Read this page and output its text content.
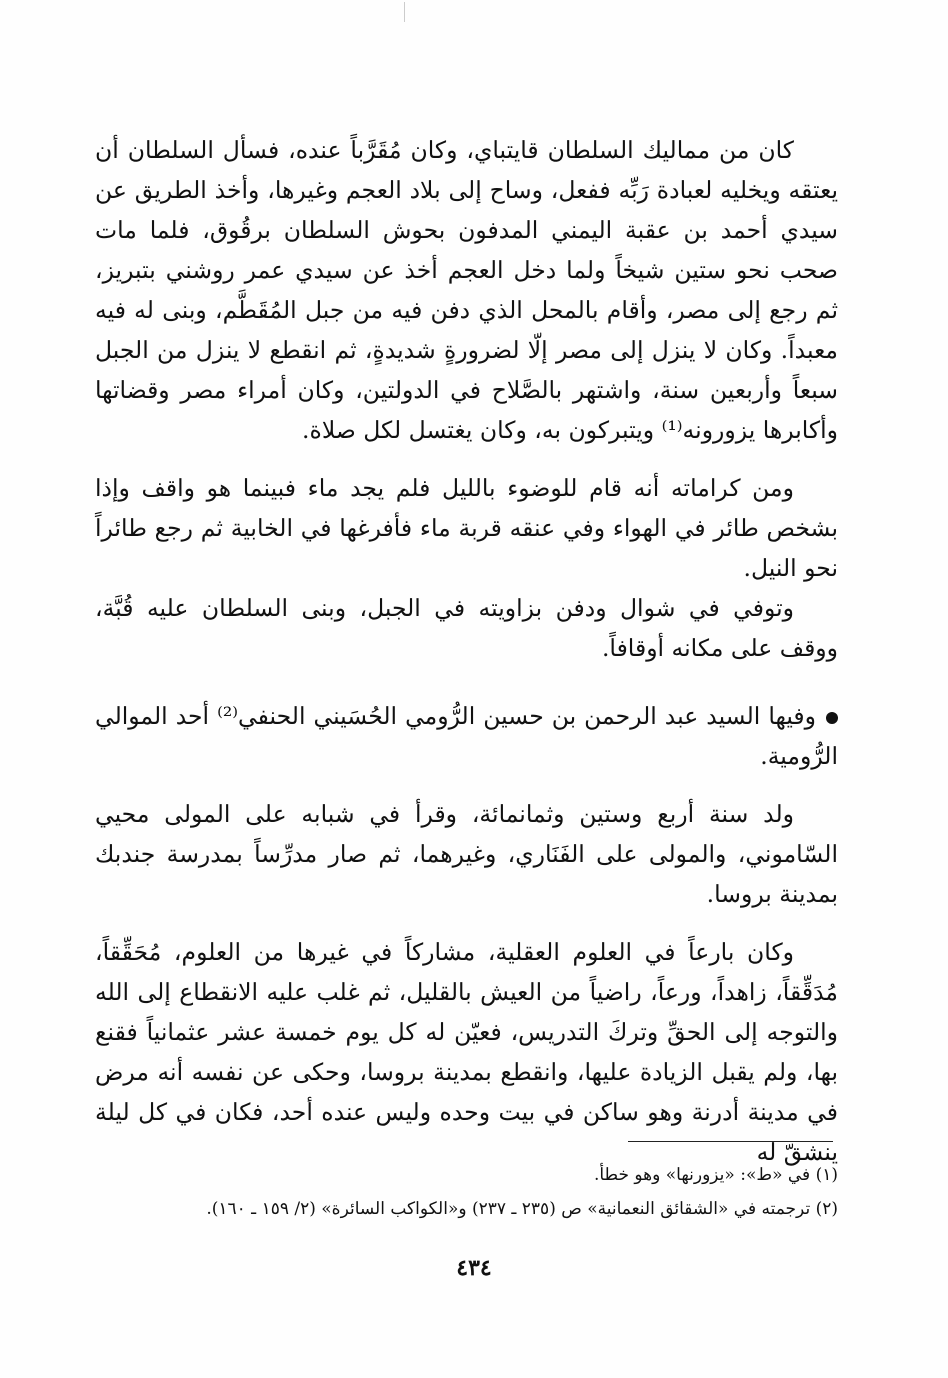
كان من مماليك السلطان قايتباي، وكان مُقَرَّباً عنده، فسأل السلطان أن يعتقه ويخليه لعبادة رَبِّه ففعل، وساح إلى بلاد العجم وغيرها، وأخذ الطريق عن سيدي أحمد بن عقبة اليمني المدفون بحوش السلطان برقُوق، فلما مات صحب نحو ستين شيخاً ولما دخل العجم أخذ عن سيدي عمر روشني بتبريز، ثم رجع إلى مصر، وأقام بالمحل الذي دفن فيه من جبل المُقَطَّم، وبنى له فيه معبداً. وكان لا ينزل إلى مصر إلّا لضرورةٍ شديدةٍ، ثم انقطع لا ينزل من الجبل سبعاً وأربعين سنة، واشتهر بالصَّلاح في الدولتين، وكان أمراء مصر وقضاتها وأكابرها يزورونه⁽¹⁾ ويتبركون به، وكان يغتسل لكل صلاة.

ومن كراماته أنه قام للوضوء بالليل فلم يجد ماء فبينما هو واقف وإذا بشخص طائر في الهواء وفي عنقه قربة ماء فأفرغها في الخابية ثم رجع طائراً نحو النيل.

وتوفي في شوال ودفن بزاويته في الجبل، وبنى السلطان عليه قُبَّة، ووقف على مكانه أوقافاً.

وفيها السيد عبد الرحمن بن حسين الرُّومي الحُسَيني الحنفي⁽²⁾ أحد الموالي الرُّومية.

ولد سنة أربع وستين وثمانمائة، وقرأ في شبابه على المولى محيي السّاموني، والمولى على الفَنَاري، وغيرهما، ثم صار مدرِّساً بمدرسة جندبك بمدينة بروسا.

وكان بارعاً في العلوم العقلية، مشاركاً في غيرها من العلوم، مُحَقِّقاً، مُدَقِّقاً، زاهداً، ورعاً، راضياً من العيش بالقليل، ثم غلب عليه الانقطاع إلى الله والتوجه إلى الحقِّ وتركَ التدريس، فعيّن له كل يوم خمسة عشر عثمانياً فقنع بها، ولم يقبل الزيادة عليها، وانقطع بمدينة بروسا، وحكى عن نفسه أنه مرض في مدينة أدرنة وهو ساكن في بيت وحده وليس عنده أحد، فكان في كل ليلة ينشقّ له

(١) في «ط»: «يزورنها» وهو خطأ.

(٢) ترجمته في «الشقائق النعمانية» ص (٢٣٥ ـ ٢٣٧) و«الكواكب السائرة» (٢/ ١٥٩ ـ ١٦٠).

٤٣٤
